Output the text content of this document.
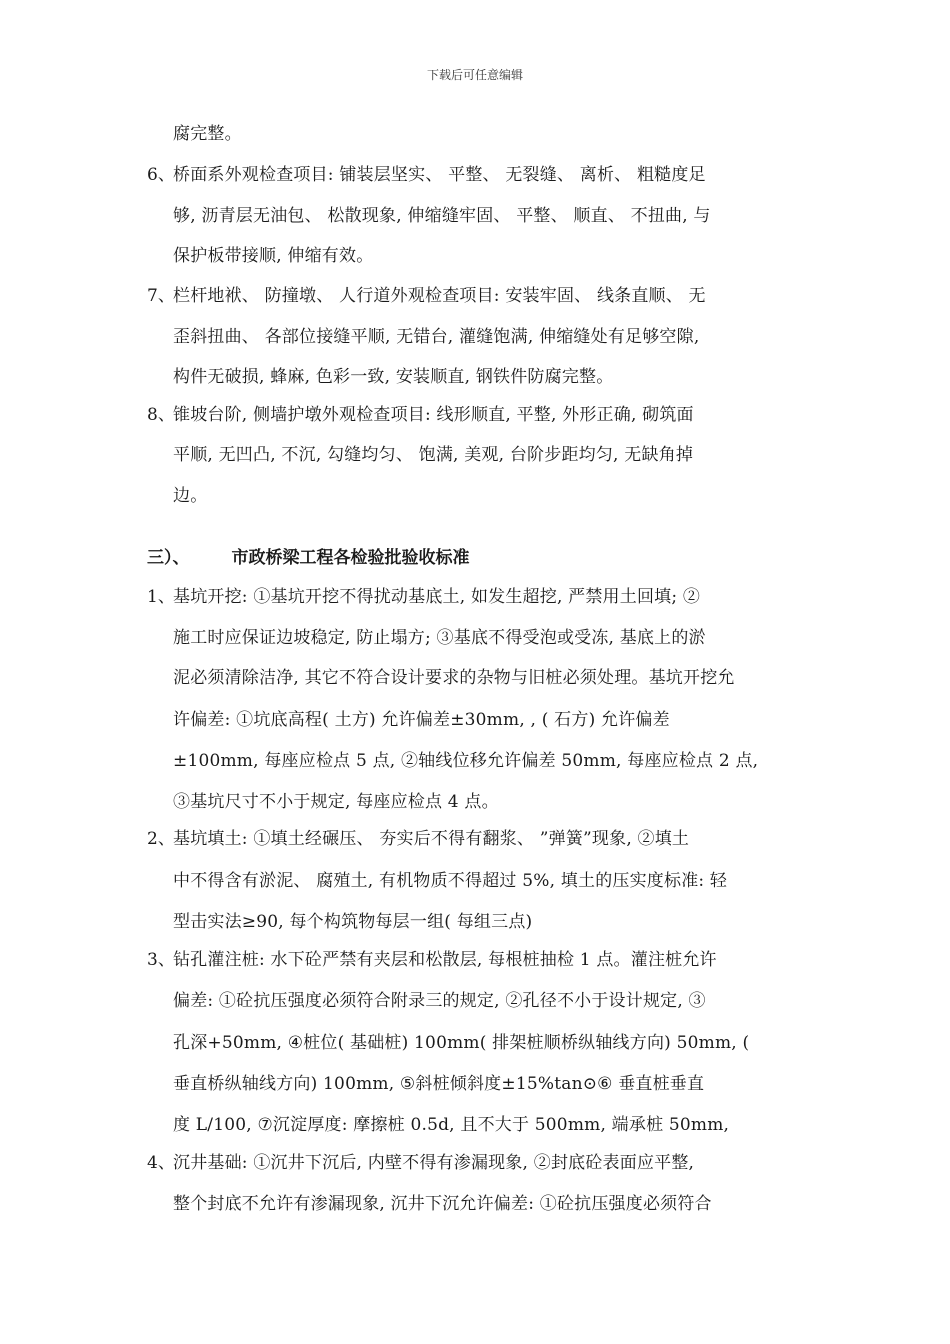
下载后可任意编辑
腐完整。
6、
桥面系外观检查项目: 铺装层坚实、 平整、 无裂缝、 离析、 粗糙度足
够, 沥青层无油包、 松散现象, 伸缩缝牢固、 平整、 顺直、 不扭曲, 与
保护板带接顺, 伸缩有效。
7、
栏杆地袱、 防撞墩、 人行道外观检查项目: 安装牢固、 线条直顺、 无
歪斜扭曲、 各部位接缝平顺, 无错台, 灌缝饱满, 伸缩缝处有足够空隙,
构件无破损, 蜂麻, 色彩一致, 安装顺直, 钢铁件防腐完整。
8、
锥坡台阶, 侧墙护墩外观检查项目: 线形顺直, 平整, 外形正确, 砌筑面
平顺, 无凹凸, 不沉, 勾缝均匀、 饱满, 美观, 台阶步距均匀, 无缺角掉
边。
三）、 市政桥梁工程各检验批验收标准
1、
基坑开挖: ①基坑开挖不得扰动基底土, 如发生超挖, 严禁用土回填; ②
施工时应保证边坡稳定, 防止塌方; ③基底不得受泡或受冻, 基底上的淤
泥必须清除洁净, 其它不符合设计要求的杂物与旧桩必须处理。基坑开挖允
许偏差: ①坑底高程( 土方) 允许偏差±30mm, , ( 石方) 允许偏差
±100mm, 每座应检点 5 点, ②轴线位移允许偏差 50mm, 每座应检点 2 点,
③基坑尺寸不小于规定, 每座应检点 4 点。
2、
基坑填土: ①填土经碾压、 夯实后不得有翻浆、 ”弹簧”现象, ②填土
中不得含有淤泥、 腐殖土, 有机物质不得超过 5%, 填土的压实度标准: 轻
型击实法≥90, 每个构筑物每层一组( 每组三点)
3、
钻孔灌注桩: 水下砼严禁有夹层和松散层, 每根桩抽检 1 点。灌注桩允许
偏差: ①砼抗压强度必须符合附录三的规定, ②孔径不小于设计规定, ③
孔深+50mm, ④桩位( 基础桩) 100mm( 排架桩顺桥纵轴线方向) 50mm, (
垂直桥纵轴线方向) 100mm, ⑤斜桩倾斜度±15%tan⊙⑥ 垂直桩垂直
度 L/100, ⑦沉淀厚度: 摩擦桩 0.5d, 且不大于 500mm, 端承桩 50mm,
4、
沉井基础: ①沉井下沉后, 内壁不得有渗漏现象, ②封底砼表面应平整,
整个封底不允许有渗漏现象, 沉井下沉允许偏差: ①砼抗压强度必须符合
